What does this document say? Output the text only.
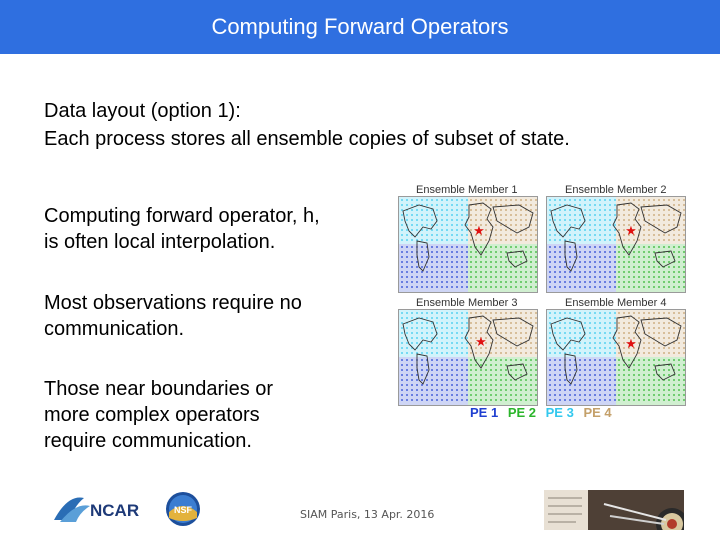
Computing Forward Operators
Data layout (option 1):
Each process stores all ensemble copies of subset of state.
Computing forward operator, h,
is often local interpolation.
Most observations require no
communication.
Those near boundaries or
more complex operators
require communication.
Ensemble Member 1	Ensemble Member 2
Ensemble Member 3	Ensemble Member 4
★	★
★	★
PE 1 PE 2 PE 3 PE 4
NCAR	NSF	SIAM Paris, 13 Apr. 2016
